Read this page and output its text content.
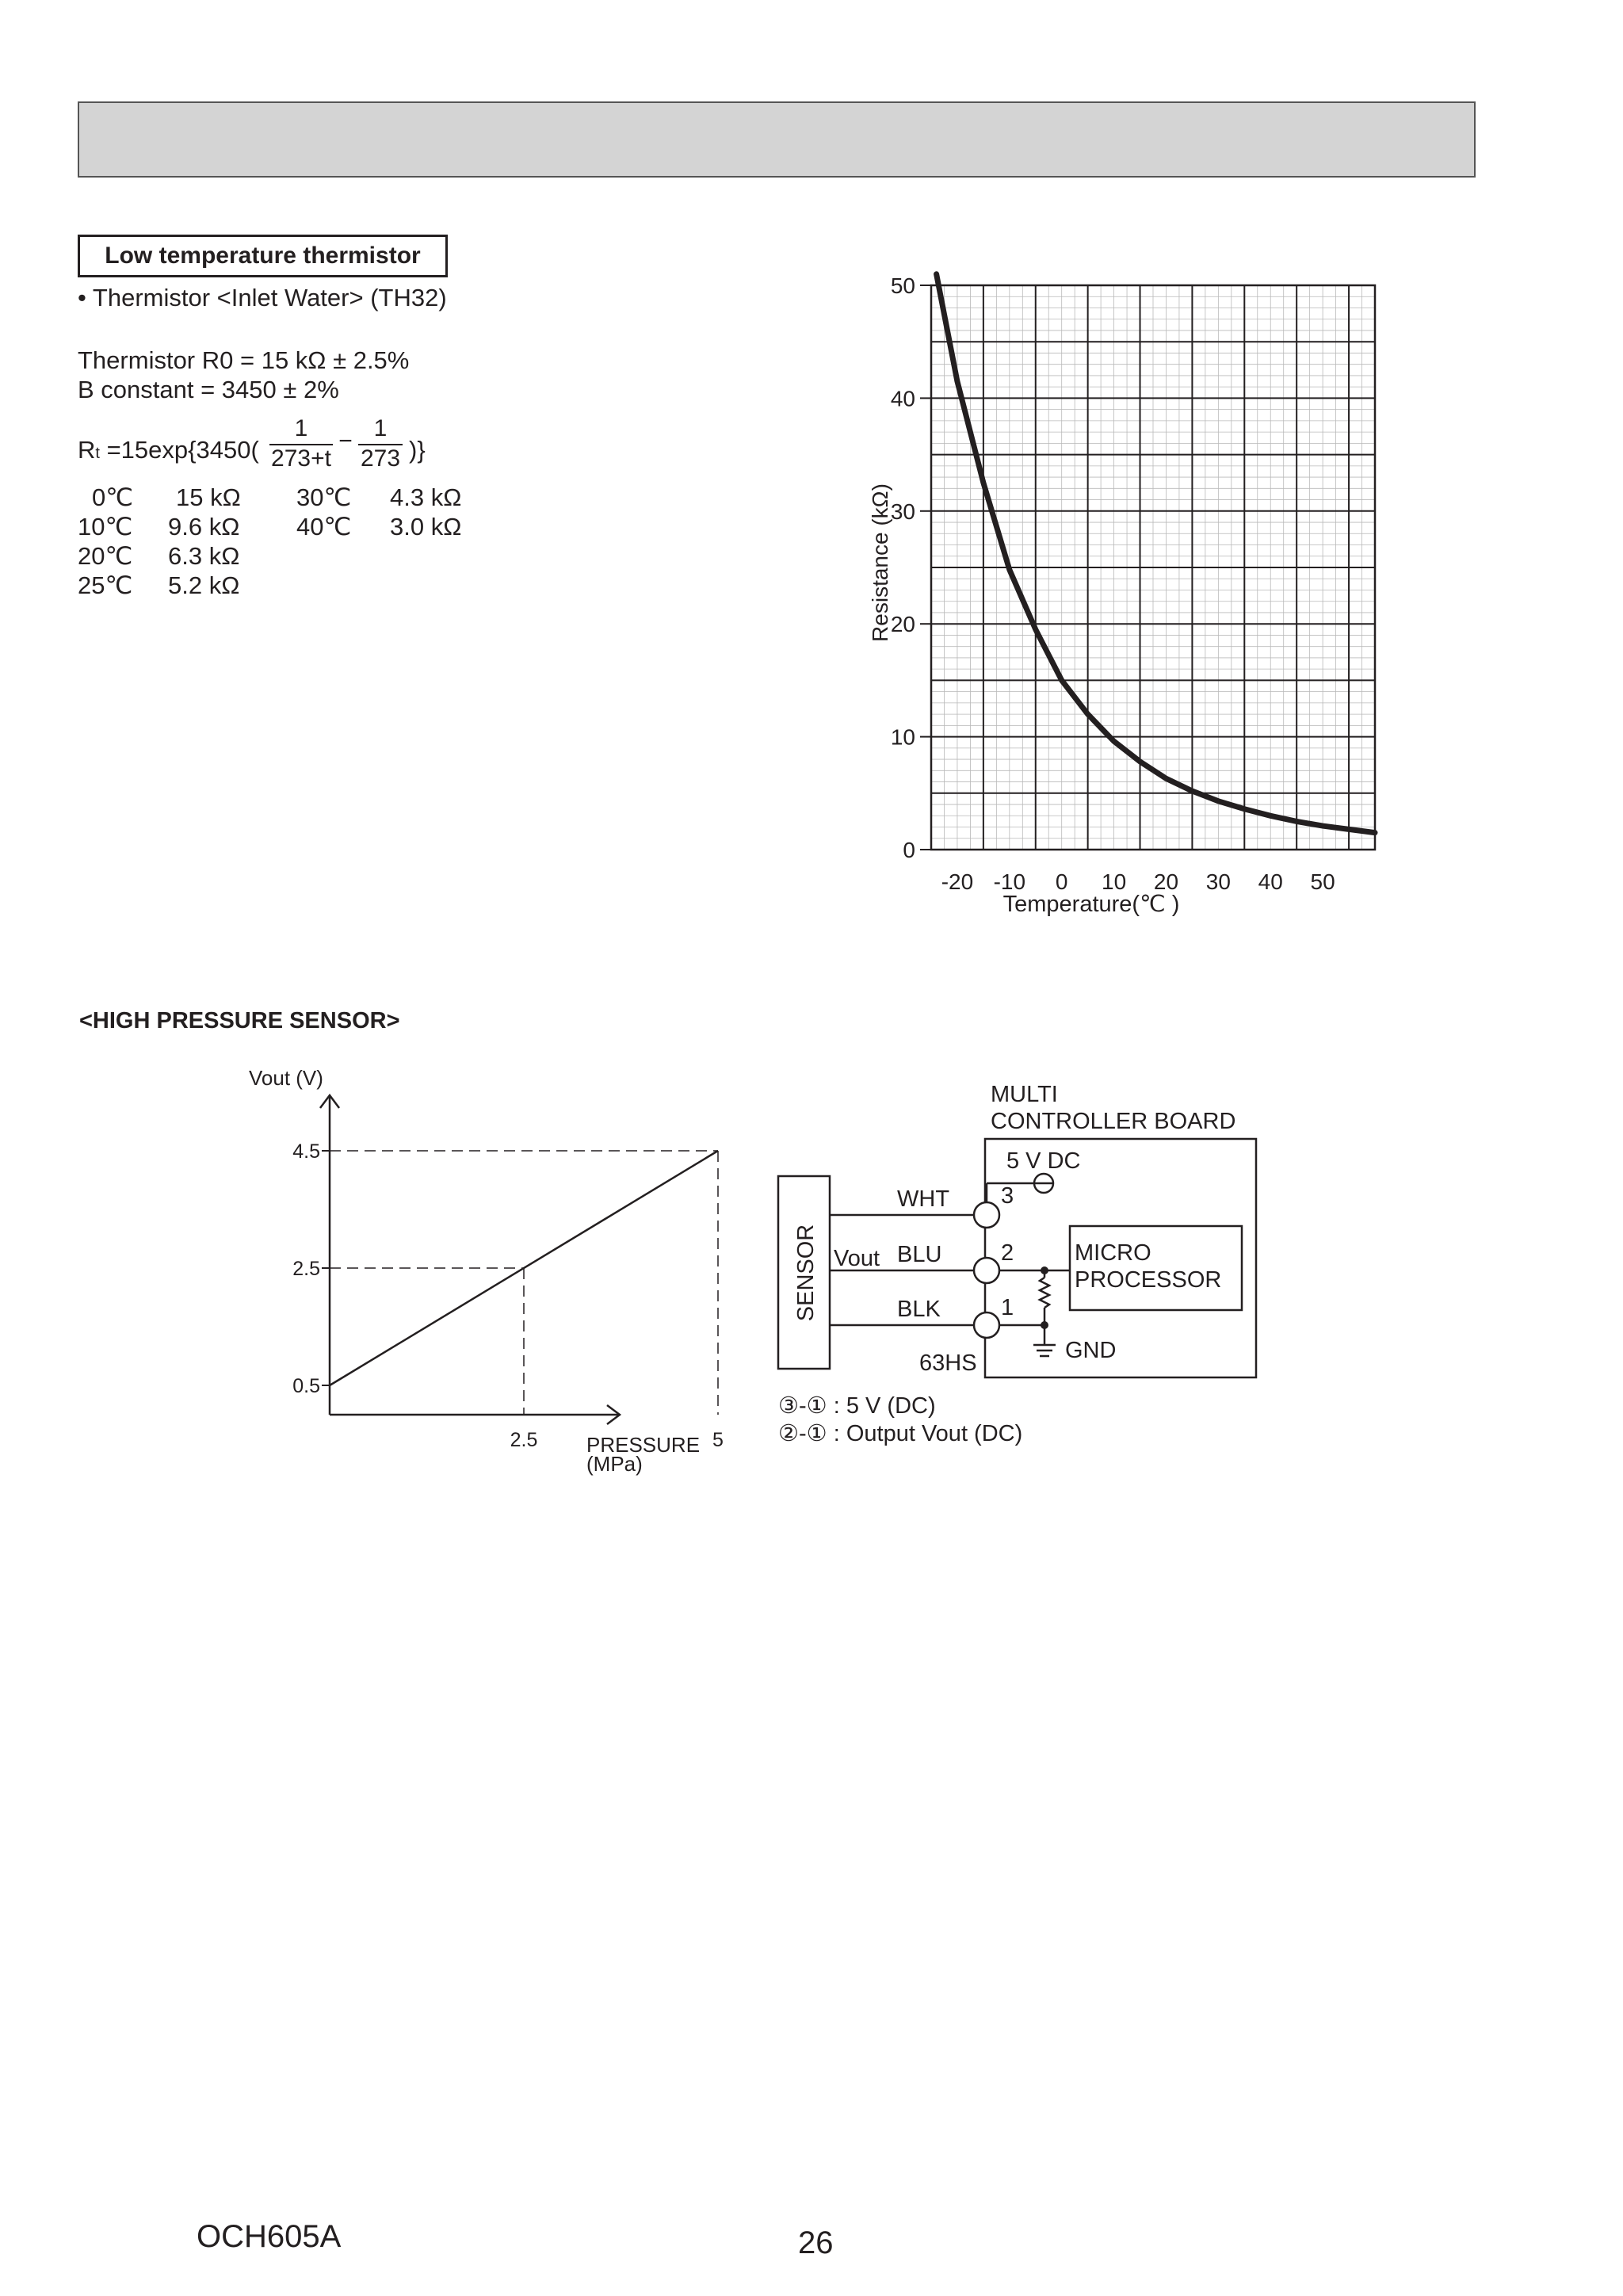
Low temperature thermistor
• Thermistor <Inlet Water> (TH32)
Thermistor R0 = 15 kΩ ± 2.5%
B constant = 3450 ± 2%
Rt =15exp{3450(
1
273+t
− 1
273 )}
0℃ 15 kΩ 30℃ 4.3 kΩ
10℃ 9.6 kΩ 40℃ 3.0 kΩ
20℃ 6.3 kΩ
25℃ 5.2 kΩ
0
10
20
30
40
50
-20 -10 0 10 20 30 40 50
Resistance (kΩ)
Temperature(℃ )
<HIGH PRESSURE SENSOR>
0.5
2.5
4.5
2.5	5
Vout (V)
PRESSURE
(MPa)
MULTI
CONTROLLER BOARD
SENSOR
WHT
Vout BLU
BLK
3
2
1
63HS
5 V DC
MICRO
PROCESSOR
GND
③-① : 5 V (DC)
②-① : Output Vout (DC)
OCH605A	26
